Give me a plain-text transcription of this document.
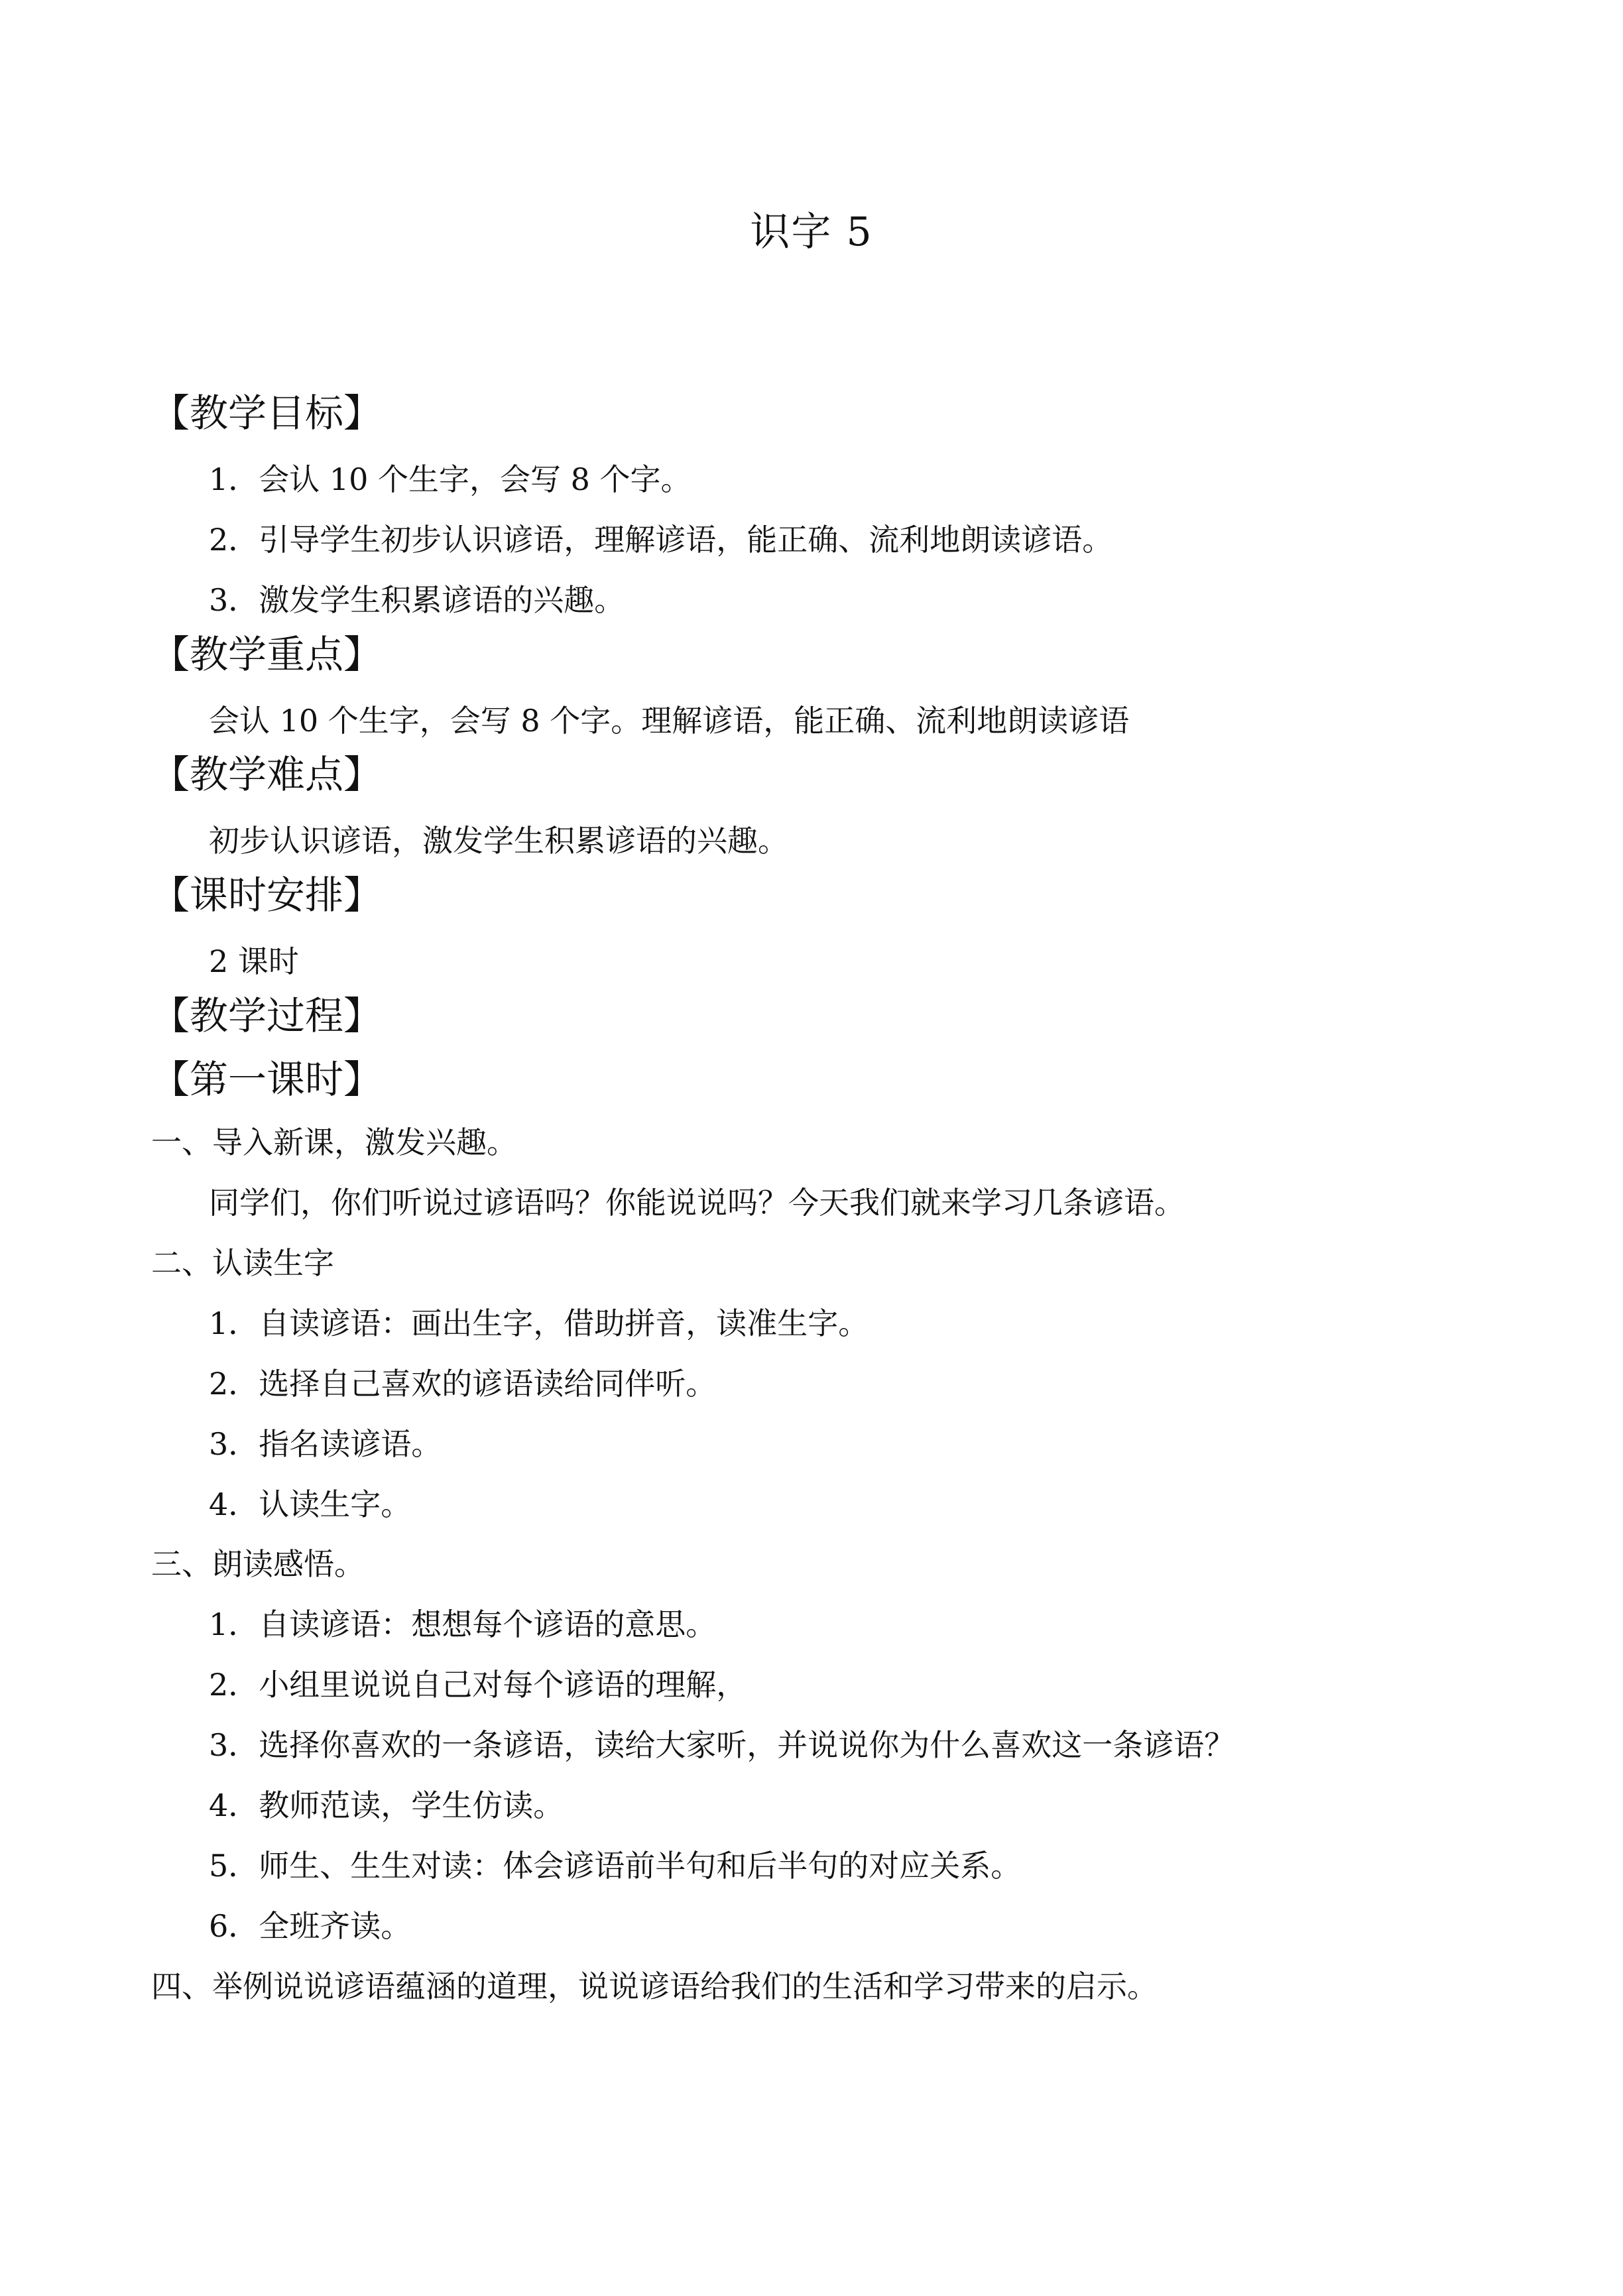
识字 5
【教学目标】
1．会认 10 个生字，会写 8 个字。
2．引导学生初步认识谚语，理解谚语，能正确、流利地朗读谚语。
3．激发学生积累谚语的兴趣。
【教学重点】
会认 10 个生字，会写 8 个字。理解谚语，能正确、流利地朗读谚语
【教学难点】
初步认识谚语，激发学生积累谚语的兴趣。
【课时安排】
2 课时
【教学过程】
【第一课时】
一、导入新课，激发兴趣。
同学们，你们听说过谚语吗？你能说说吗？今天我们就来学习几条谚语。
二、认读生字
1．自读谚语：画出生字，借助拼音，读准生字。
2．选择自己喜欢的谚语读给同伴听。
3．指名读谚语。
4．认读生字。
三、朗读感悟。
1．自读谚语：想想每个谚语的意思。
2．小组里说说自己对每个谚语的理解，
3．选择你喜欢的一条谚语，读给大家听，并说说你为什么喜欢这一条谚语？
4．教师范读，学生仿读。
5．师生、生生对读：体会谚语前半句和后半句的对应关系。
6．全班齐读。
四、举例说说谚语蕴涵的道理，说说谚语给我们的生活和学习带来的启示。
